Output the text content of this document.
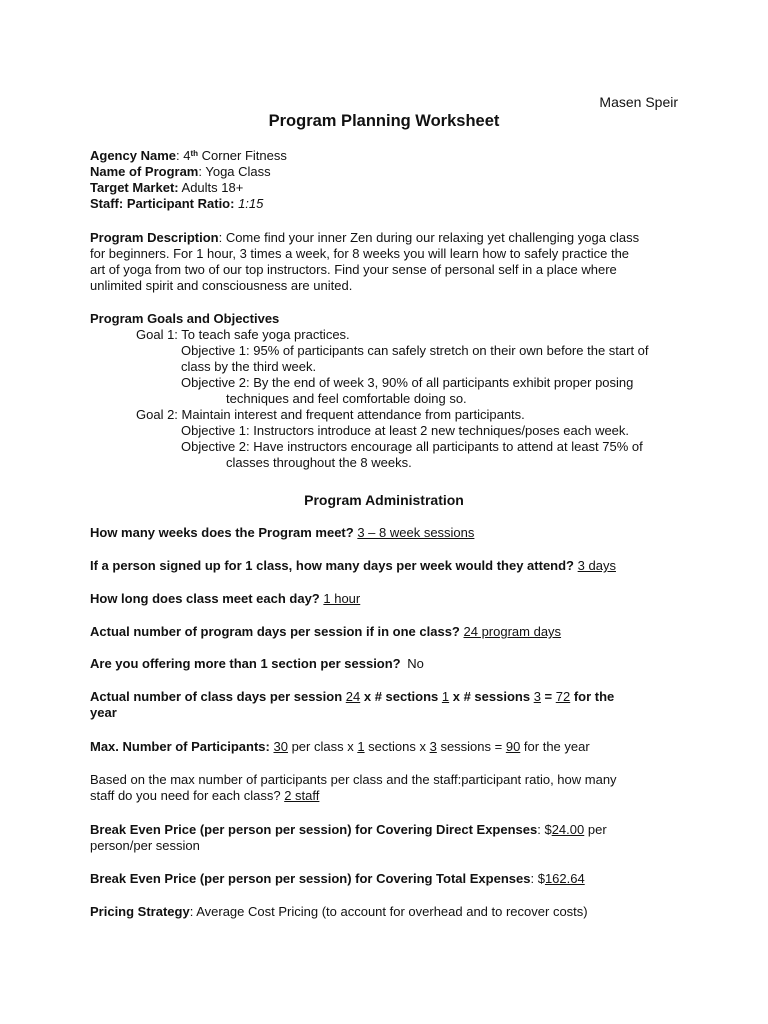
Masen Speir
Program Planning Worksheet
Agency Name: 4th Corner Fitness
Name of Program: Yoga Class
Target Market: Adults 18+
Staff: Participant Ratio: 1:15
Program Description: Come find your inner Zen during our relaxing yet challenging yoga class
for beginners. For 1 hour, 3 times a week, for 8 weeks you will learn how to safely practice the
art of yoga from two of our top instructors. Find your sense of personal self in a place where
unlimited spirit and consciousness are united.
Program Goals and Objectives
Goal 1: To teach safe yoga practices.
Objective 1: 95% of participants can safely stretch on their own before the start of
class by the third week.
Objective 2: By the end of week 3, 90% of all participants exhibit proper posing
techniques and feel comfortable doing so.
Goal 2: Maintain interest and frequent attendance from participants.
Objective 1: Instructors introduce at least 2 new techniques/poses each week.
Objective 2: Have instructors encourage all participants to attend at least 75% of
classes throughout the 8 weeks.
Program Administration
How many weeks does the Program meet? 3 – 8 week sessions
If a person signed up for 1 class, how many days per week would they attend? 3 days
How long does class meet each day? 1 hour
Actual number of program days per session if in one class? 24 program days
Are you offering more than 1 section per session? No
Actual number of class days per session 24 x # sections 1 x # sessions 3 = 72 for the
year
Max. Number of Participants: 30 per class x 1 sections x 3 sessions = 90 for the year
Based on the max number of participants per class and the staff:participant ratio, how many
staff do you need for each class? 2 staff
Break Even Price (per person per session) for Covering Direct Expenses: $24.00 per
person/per session
Break Even Price (per person per session) for Covering Total Expenses: $162.64
Pricing Strategy: Average Cost Pricing (to account for overhead and to recover costs)
